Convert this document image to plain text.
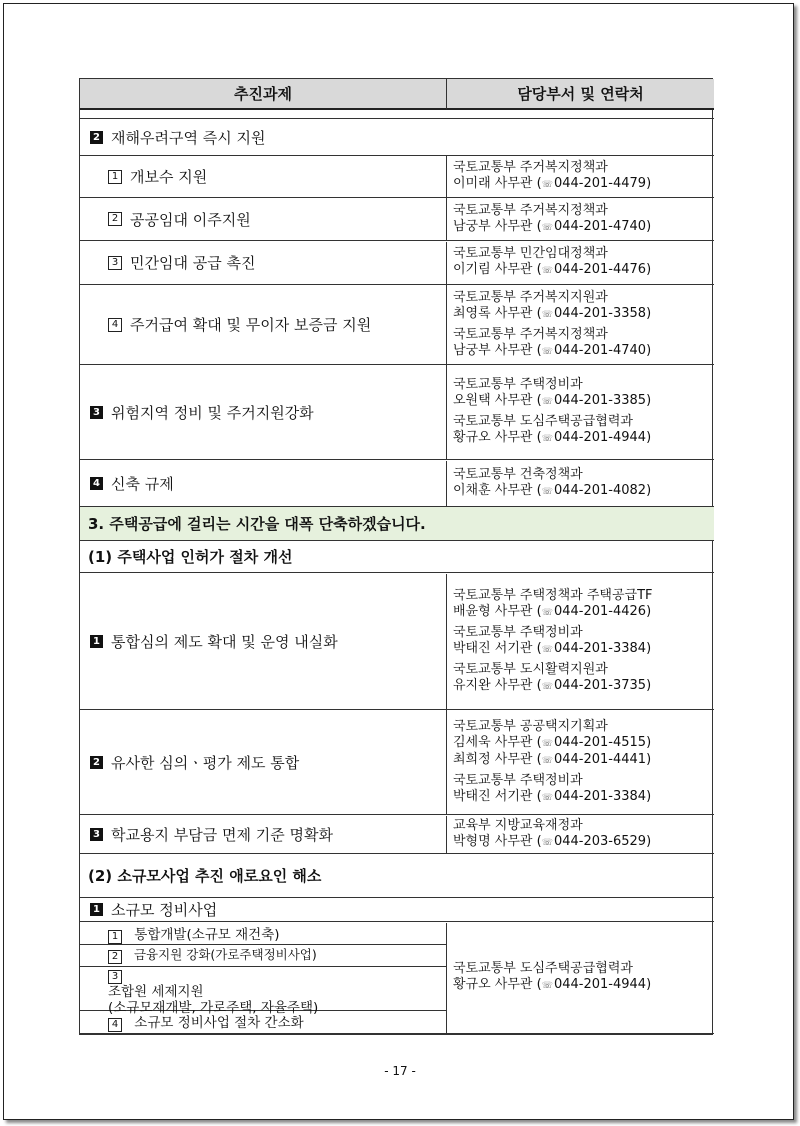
추진과제	담당부서 및 연락처
2 재해우려구역 즉시 지원
1 개보수 지원
국토교통부 주거복지정책과
이미래 사무관 (☏044-201-4479)
2 공공임대 이주지원
국토교통부 주거복지정책과
남궁부 사무관 (☏044-201-4740)
3 민간임대 공급 촉진
국토교통부 민간임대정책과
이기림 사무관 (☏044-201-4476)
4 주거급여 확대 및 무이자 보증금 지원
국토교통부 주거복지지원과
최영록 사무관 (☏044-201-3358)
국토교통부 주거복지정책과
남궁부 사무관 (☏044-201-4740)
3 위험지역 정비 및 주거지원강화
국토교통부 주택정비과
오원택 사무관 (☏044-201-3385)
국토교통부 도심주택공급협력과
황규오 사무관 (☏044-201-4944)
4 신축 규제
국토교통부 건축정책과
이채훈 사무관 (☏044-201-4082)
3. 주택공급에 걸리는 시간을 대폭 단축하겠습니다.
(1) 주택사업 인허가 절차 개선
1 통합심의 제도 확대 및 운영 내실화
국토교통부 주택정책과 주택공급TF
배윤형 사무관 (☏044-201-4426)
국토교통부 주택정비과
박태진 서기관 (☏044-201-3384)
국토교통부 도시활력지원과
유지완 사무관 (☏044-201-3735)
2 유사한 심의ㆍ평가 제도 통합
국토교통부 공공택지기획과
김세욱 사무관 (☏044-201-4515)
최희정 사무관 (☏044-201-4441)
국토교통부 주택정비과
박태진 서기관 (☏044-201-3384)
3 학교용지 부담금 면제 기준 명확화
교육부 지방교육재정과
박형명 사무관 (☏044-203-6529)
(2) 소규모사업 추진 애로요인 해소
1 소규모 정비사업
1 통합개발(소규모 재건축)
2 금융지원 강화(가로주택정비사업)
3
조합원 세제지원
(소규모재개발, 가로주택, 자율주택)
4 소규모 정비사업 절차 간소화
국토교통부 도심주택공급협력과
황규오 사무관 (☏044-201-4944)
- 17 -
